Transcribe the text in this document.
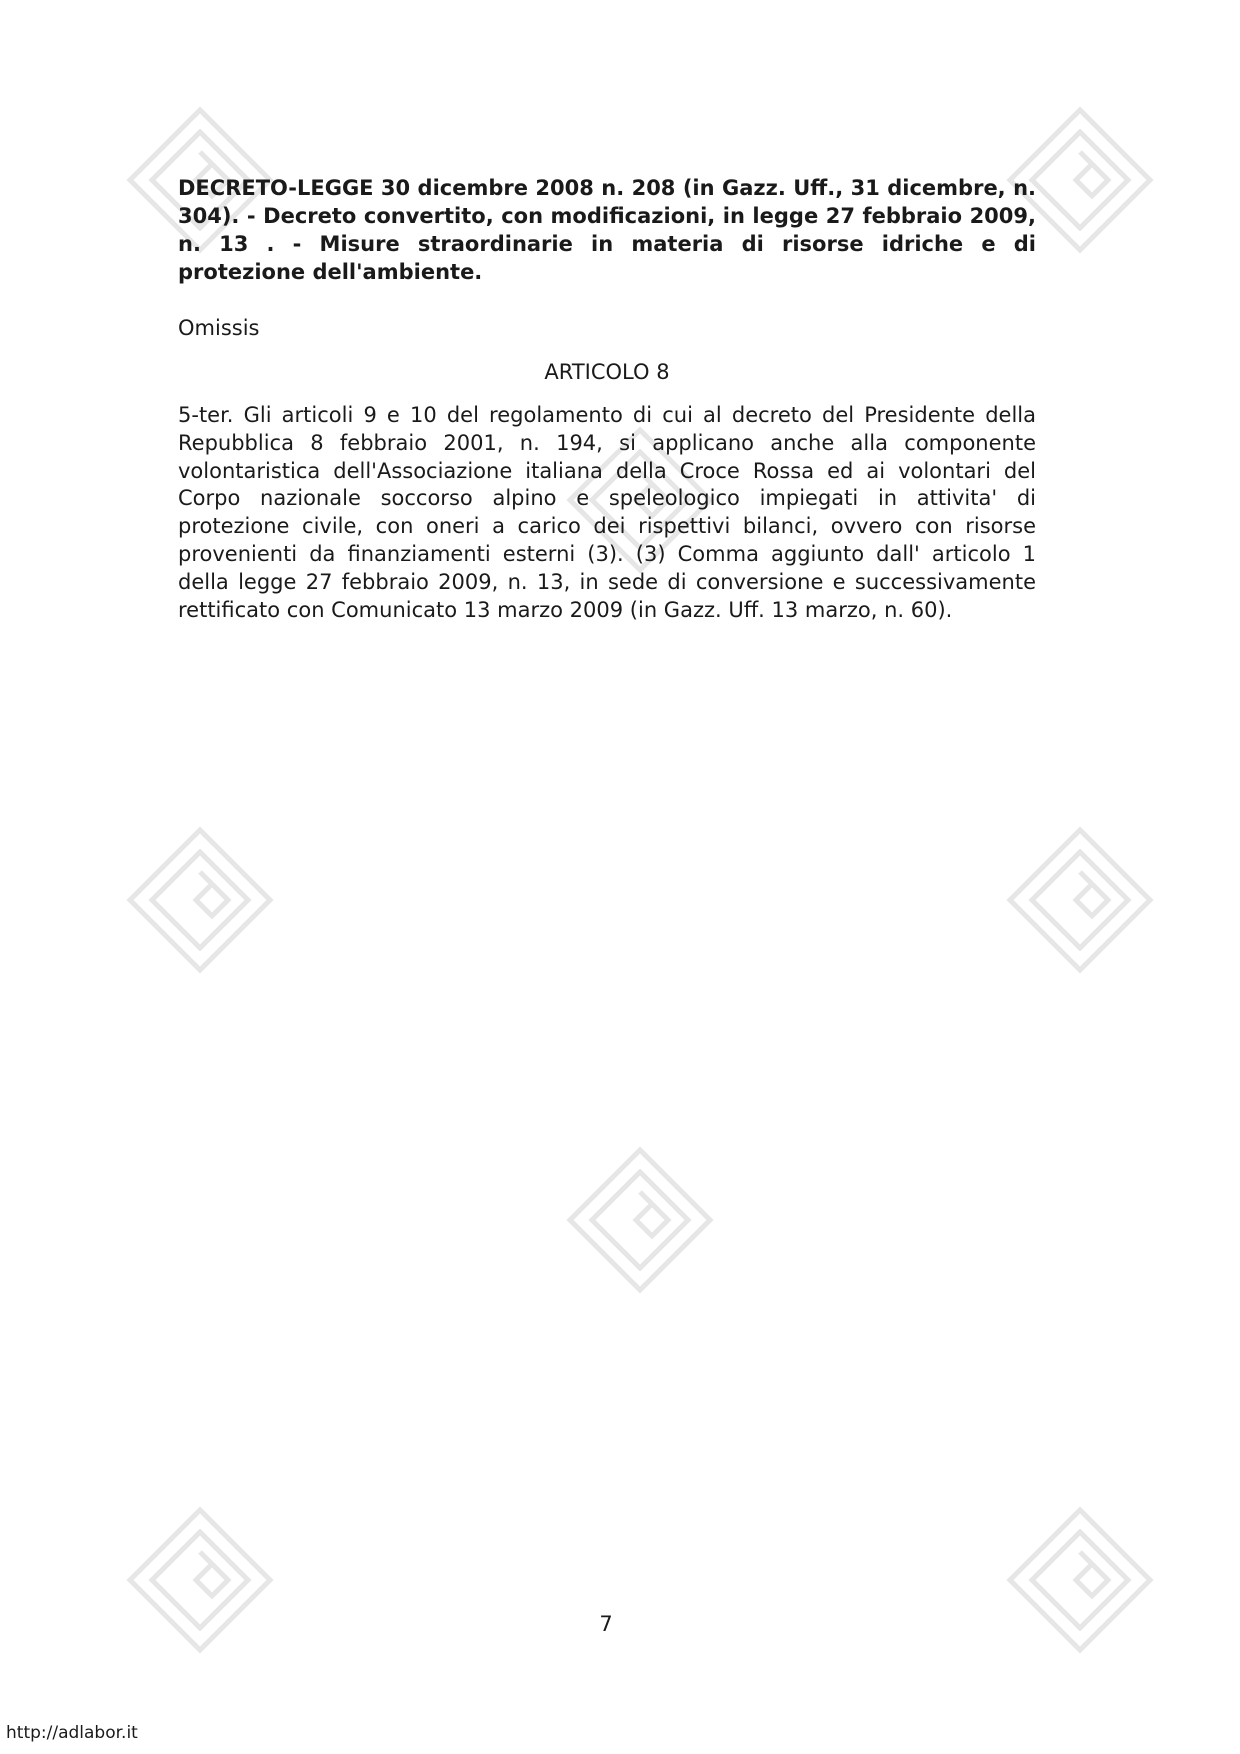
DECRETO-LEGGE 30 dicembre 2008 n. 208 (in Gazz. Uff., 31 dicembre, n. 304). - Decreto convertito, con modificazioni, in legge 27 febbraio 2009, n. 13 . - Misure straordinarie in materia di risorse idriche e di protezione dell'ambiente.

Omissis

ARTICOLO 8

5-ter. Gli articoli 9 e 10 del regolamento di cui al decreto del Presidente della Repubblica 8 febbraio 2001, n. 194, si applicano anche alla componente volontaristica dell'Associazione italiana della Croce Rossa ed ai volontari del Corpo nazionale soccorso alpino e speleologico impiegati in attivita' di protezione civile, con oneri a carico dei rispettivi bilanci, ovvero con risorse provenienti da finanziamenti esterni (3). (3) Comma aggiunto dall' articolo 1 della legge 27 febbraio 2009, n. 13, in sede di conversione e successivamente rettificato con Comunicato 13 marzo 2009 (in Gazz. Uff. 13 marzo, n. 60).

7
http://adlabor.it
